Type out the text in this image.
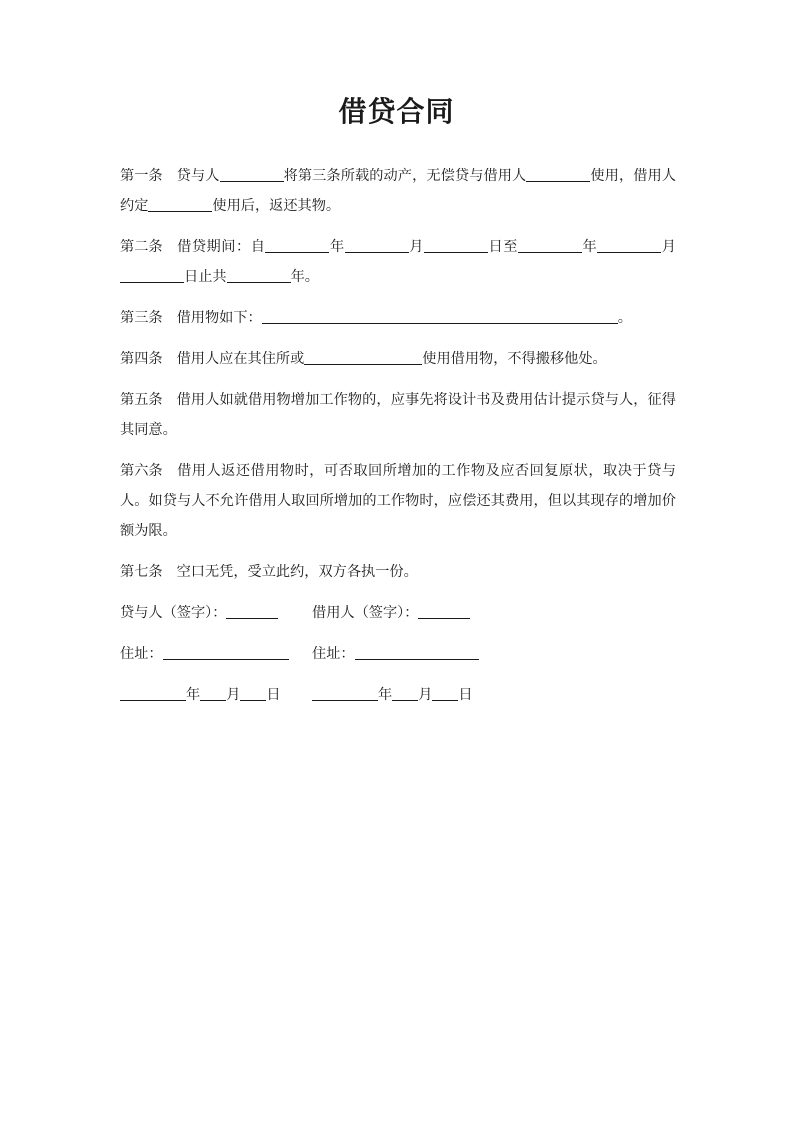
借贷合同

第一条 贷与人	将第三条所载的动产，无偿贷与借用人	使用，借用人约定	使用后，返还其物。

第二条 借贷期间：自	年	月	日至	年	月日止共	年。

第三条 借用物如下：	。

第四条 借用人应在其住所或	使用借用物，不得搬移他处。

第五条 借用人如就借用物增加工作物的，应事先将设计书及费用估计提示贷与人，征得其同意。

第六条 借用人返还借用物时，可否取回所增加的工作物及应否回复原状，取决于贷与人。如贷与人不允许借用人取回所增加的工作物时，应偿还其费用，但以其现存的增加价额为限。

第七条 空口无凭，受立此约，双方各执一份。

贷与人（签字）：	借用人（签字）：
住址：	住址：
年 月 日	年 月 日
